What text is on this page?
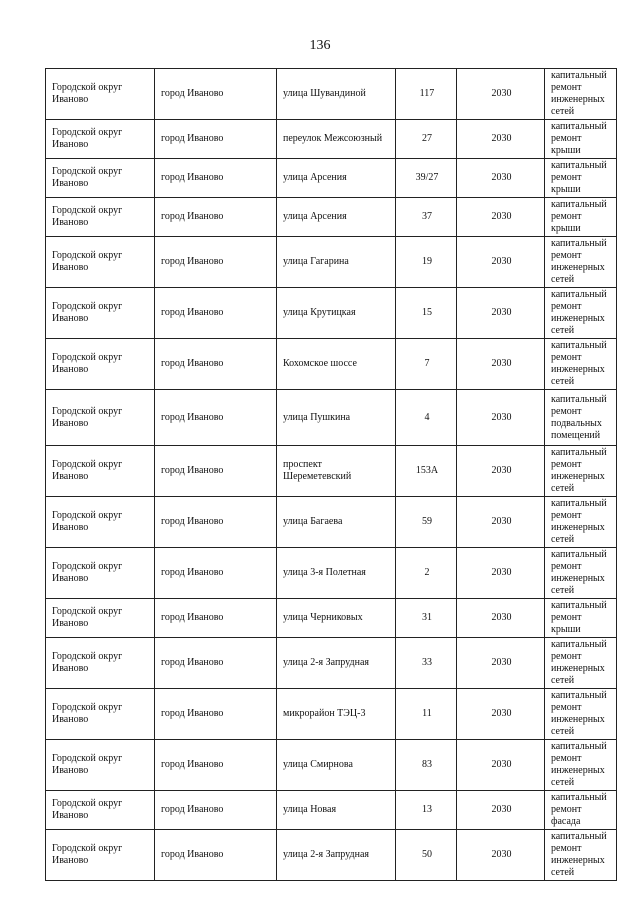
136
Городской округ Иваново	город Иваново	улица Шувандиной	117	2030	капитальный ремонт инженерных сетей
Городской округ Иваново	город Иваново	переулок Межсоюзный	27	2030	капитальный ремонт крыши
Городской округ Иваново	город Иваново	улица Арсения	39/27	2030	капитальный ремонт крыши
Городской округ Иваново	город Иваново	улица Арсения	37	2030	капитальный ремонт крыши
Городской округ Иваново	город Иваново	улица Гагарина	19	2030	капитальный ремонт инженерных сетей
Городской округ Иваново	город Иваново	улица Крутицкая	15	2030	капитальный ремонт инженерных сетей
Городской округ Иваново	город Иваново	Кохомское шоссе	7	2030	капитальный ремонт инженерных сетей
Городской округ Иваново	город Иваново	улица Пушкина	4	2030	капитальный ремонт подвальных помещений
Городской округ Иваново	город Иваново	проспект Шереметевский	153А	2030	капитальный ремонт инженерных сетей
Городской округ Иваново	город Иваново	улица Багаева	59	2030	капитальный ремонт инженерных сетей
Городской округ Иваново	город Иваново	улица 3-я Полетная	2	2030	капитальный ремонт инженерных сетей
Городской округ Иваново	город Иваново	улица Черниковых	31	2030	капитальный ремонт крыши
Городской округ Иваново	город Иваново	улица 2-я Запрудная	33	2030	капитальный ремонт инженерных сетей
Городской округ Иваново	город Иваново	микрорайон ТЭЦ-3	11	2030	капитальный ремонт инженерных сетей
Городской округ Иваново	город Иваново	улица Смирнова	83	2030	капитальный ремонт инженерных сетей
Городской округ Иваново	город Иваново	улица Новая	13	2030	капитальный ремонт фасада
Городской округ Иваново	город Иваново	улица 2-я Запрудная	50	2030	капитальный ремонт инженерных сетей
